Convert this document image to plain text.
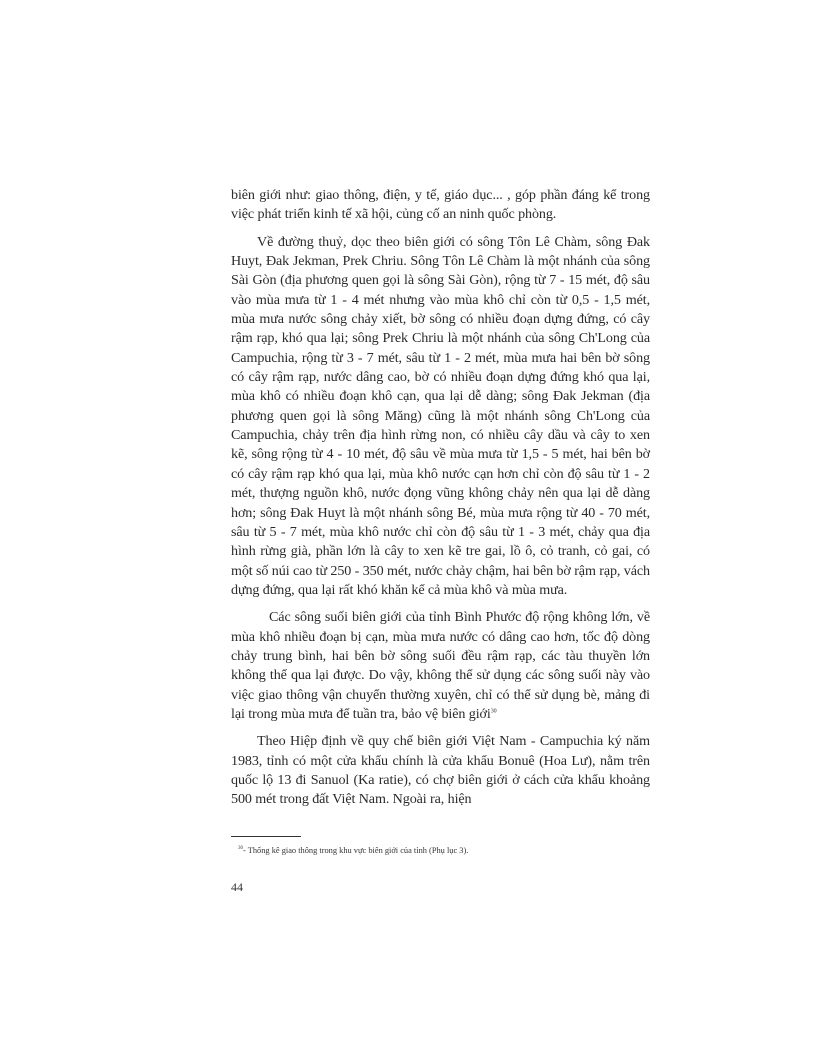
biên giới như: giao thông, điện, y tế, giáo dục... , góp phần đáng kể trong việc phát triển kinh tế xã hội, củng cố an ninh quốc phòng.

Về đường thuỷ, dọc theo biên giới có sông Tôn Lê Chàm, sông Đak Huyt, Đak Jekman, Prek Chriu. Sông Tôn Lê Chàm là một nhánh của sông Sài Gòn (địa phương quen gọi là sông Sài Gòn), rộng từ 7 - 15 mét, độ sâu vào mùa mưa từ 1 - 4 mét nhưng vào mùa khô chỉ còn từ 0,5 - 1,5 mét, mùa mưa nước sông chảy xiết, bờ sông có nhiều đoạn dựng đứng, có cây rậm rạp, khó qua lại; sông Prek Chriu là một nhánh của sông Ch'Long của Campuchia, rộng từ 3 - 7 mét, sâu từ 1 - 2 mét, mùa mưa hai bên bờ sông có cây rậm rạp, nước dâng cao, bờ có nhiều đoạn dựng đứng khó qua lại, mùa khô có nhiều đoạn khô cạn, qua lại dễ dàng; sông Đak Jekman (địa phương quen gọi là sông Măng) cũng là một nhánh sông Ch'Long của Campuchia, chảy trên địa hình rừng non, có nhiều cây dầu và cây to xen kẽ, sông rộng từ 4 - 10 mét, độ sâu về mùa mưa từ 1,5 - 5 mét, hai bên bờ có cây rậm rạp khó qua lại, mùa khô nước cạn hơn chỉ còn độ sâu từ 1 - 2 mét, thượng nguồn khô, nước đọng vũng không chảy nên qua lại dễ dàng hơn; sông Đak Huyt là một nhánh sông Bé, mùa mưa rộng từ 40 - 70 mét, sâu từ 5 - 7 mét, mùa khô nước chỉ còn độ sâu từ 1 - 3 mét, chảy qua địa hình rừng già, phần lớn là cây to xen kẽ tre gai, lồ ô, cỏ tranh, cỏ gai, có một số núi cao từ 250 - 350 mét, nước chảy chậm, hai bên bờ rậm rạp, vách dựng đứng, qua lại rất khó khăn kể cả mùa khô và mùa mưa.

Các sông suối biên giới của tỉnh Bình Phước độ rộng không lớn, về mùa khô nhiều đoạn bị cạn, mùa mưa nước có dâng cao hơn, tốc độ dòng chảy trung bình, hai bên bờ sông suối đều rậm rạp, các tàu thuyền lớn không thể qua lại được. Do vậy, không thể sử dụng các sông suối này vào việc giao thông vận chuyển thường xuyên, chỉ có thể sử dụng bè, mảng đi lại trong mùa mưa để tuần tra, bảo vệ biên giới$^{30}$

Theo Hiệp định về quy chế biên giới Việt Nam - Campuchia ký năm 1983, tỉnh có một cửa khẩu chính là cửa khẩu Bonuê (Hoa Lư), nằm trên quốc lộ 13 đi Sanuol (Ka ratie), có chợ biên giới ở cách cửa khẩu khoảng 500 mét trong đất Việt Nam. Ngoài ra, hiện

$^{30}$- Thống kê giao thông trong khu vực biên giới của tỉnh (Phụ lục 3).
44
